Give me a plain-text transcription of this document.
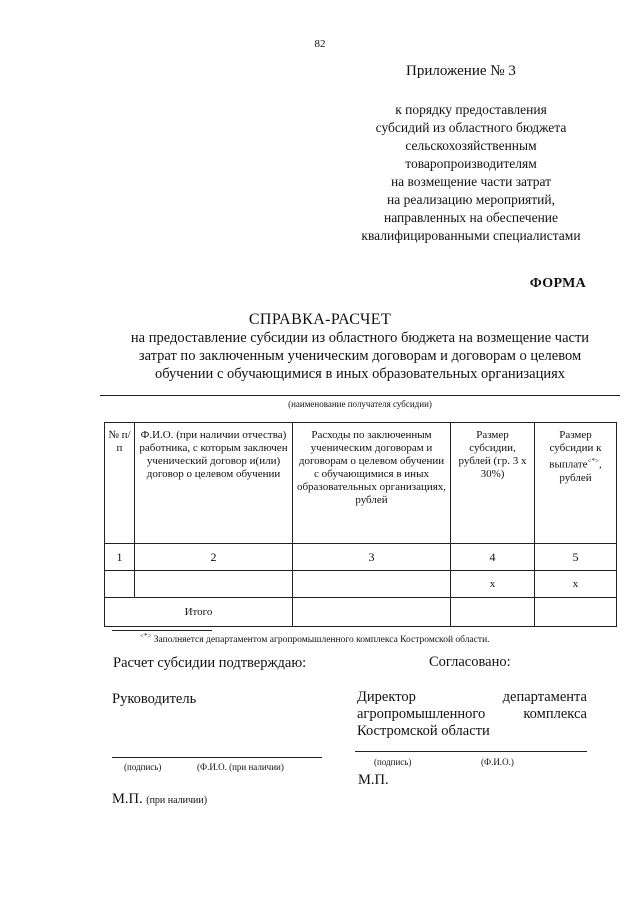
82
Приложение № 3
к порядку предоставления
субсидий из областного бюджета
сельскохозяйственным
товаропроизводителям
на возмещение части затрат
на реализацию мероприятий,
направленных на обеспечение
квалифицированными специалистами
ФОРМА
СПРАВКА-РАСЧЕТ
на предоставление субсидии из областного бюджета на возмещение части
затрат по заключенным ученическим договорам и договорам о целевом
обучении с обучающимися в иных образовательных организациях
(наименование получателя субсидии)
№ п/п	Ф.И.О. (при наличии отчества) работника, с которым заключен ученический договор и(или) договор о целевом обучении	Расходы по заключенным ученическим договорам и договорам о целевом обучении с обучающимися в иных образовательных организациях, рублей	Размер субсидии, рублей (гр. 3 х 30%)	Размер субсидии к выплате<*>, рублей
1	2	3	4	5
			х	х
Итого				
<*> Заполняется департаментом агропромышленного комплекса Костромской области.
Расчет субсидии подтверждаю:	Согласовано:
Руководитель	Директор департамента
агропромышленного комплекса
Костромской области
(подпись)	(Ф.И.О. (при наличии)	(подпись)	(Ф.И.О.)
М.П.
М.П. (при наличии)
